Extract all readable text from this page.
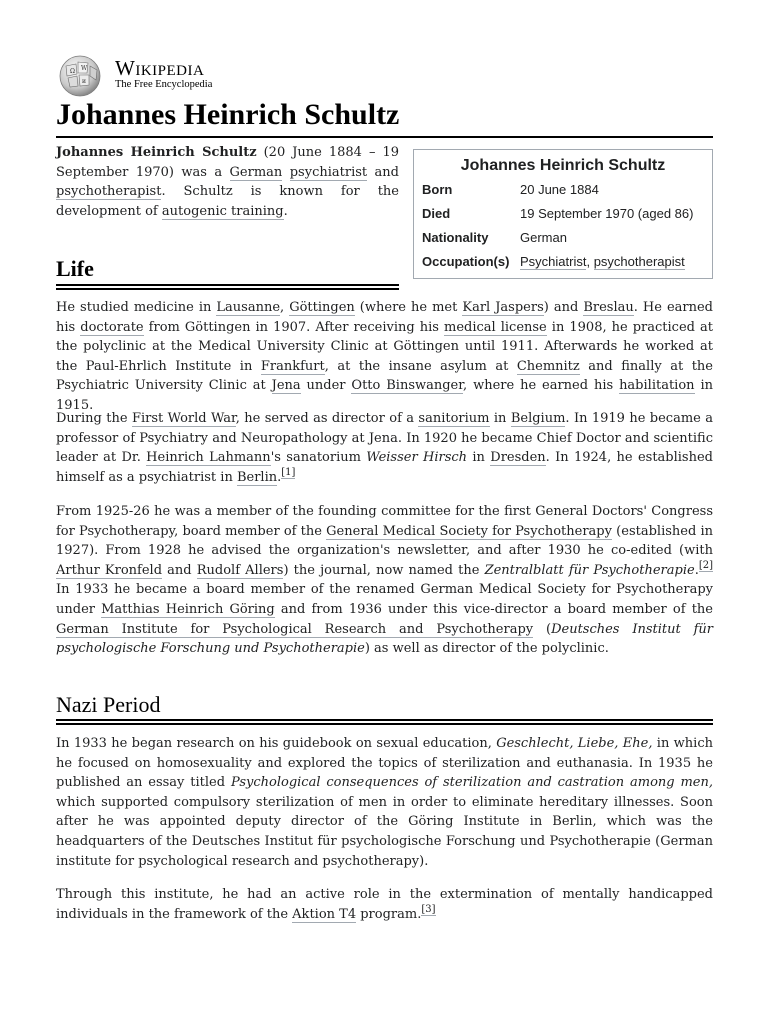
Ω W
и
Wikipedia
The Free Encyclopedia
Johannes Heinrich Schultz

Johannes Heinrich Schultz (20 June 1884 – 19 September 1970) was a German psychiatrist and psychotherapist. Schultz is known for the development of autogenic training.

Johannes Heinrich Schultz
Born	20 June 1884
Died	19 September 1970 (aged 86)
Nationality German
Occupation(s) Psychiatrist, psychotherapist
Life

He studied medicine in Lausanne, Göttingen (where he met Karl Jaspers) and Breslau. He earned his doctorate from Göttingen in 1907. After receiving his medical license in 1908, he practiced at the polyclinic at the Medical University Clinic at Göttingen until 1911. Afterwards he worked at the Paul-Ehrlich Institute in Frankfurt, at the insane asylum at Chemnitz and finally at the Psychiatric University Clinic at Jena under Otto Binswanger, where he earned his habilitation in 1915.

During the First World War, he served as director of a sanitorium in Belgium. In 1919 he became a professor of Psychiatry and Neuropathology at Jena. In 1920 he became Chief Doctor and scientific leader at Dr. Heinrich Lahmann's sanatorium Weisser Hirsch in Dresden. In 1924, he established himself as a psychiatrist in Berlin.[1]

From 1925-26 he was a member of the founding committee for the first General Doctors' Congress for Psychotherapy, board member of the General Medical Society for Psychotherapy (established in 1927). From 1928 he advised the organization's newsletter, and after 1930 he co-edited (with Arthur Kronfeld and Rudolf Allers) the journal, now named the Zentralblatt für Psychotherapie.[2] In 1933 he became a board member of the renamed German Medical Society for Psychotherapy under Matthias Heinrich Göring and from 1936 under this vice-director a board member of the German Institute for Psychological Research and Psychotherapy (Deutsches Institut für psychologische Forschung und Psychotherapie) as well as director of the polyclinic.

Nazi Period

In 1933 he began research on his guidebook on sexual education, Geschlecht, Liebe, Ehe, in which he focused on homosexuality and explored the topics of sterilization and euthanasia. In 1935 he published an essay titled Psychological consequences of sterilization and castration among men, which supported compulsory sterilization of men in order to eliminate hereditary illnesses. Soon after he was appointed deputy director of the Göring Institute in Berlin, which was the headquarters of the Deutsches Institut für psychologische Forschung und Psychotherapie (German institute for psychological research and psychotherapy).

Through this institute, he had an active role in the extermination of mentally handicapped individuals in the framework of the Aktion T4 program.[3]
